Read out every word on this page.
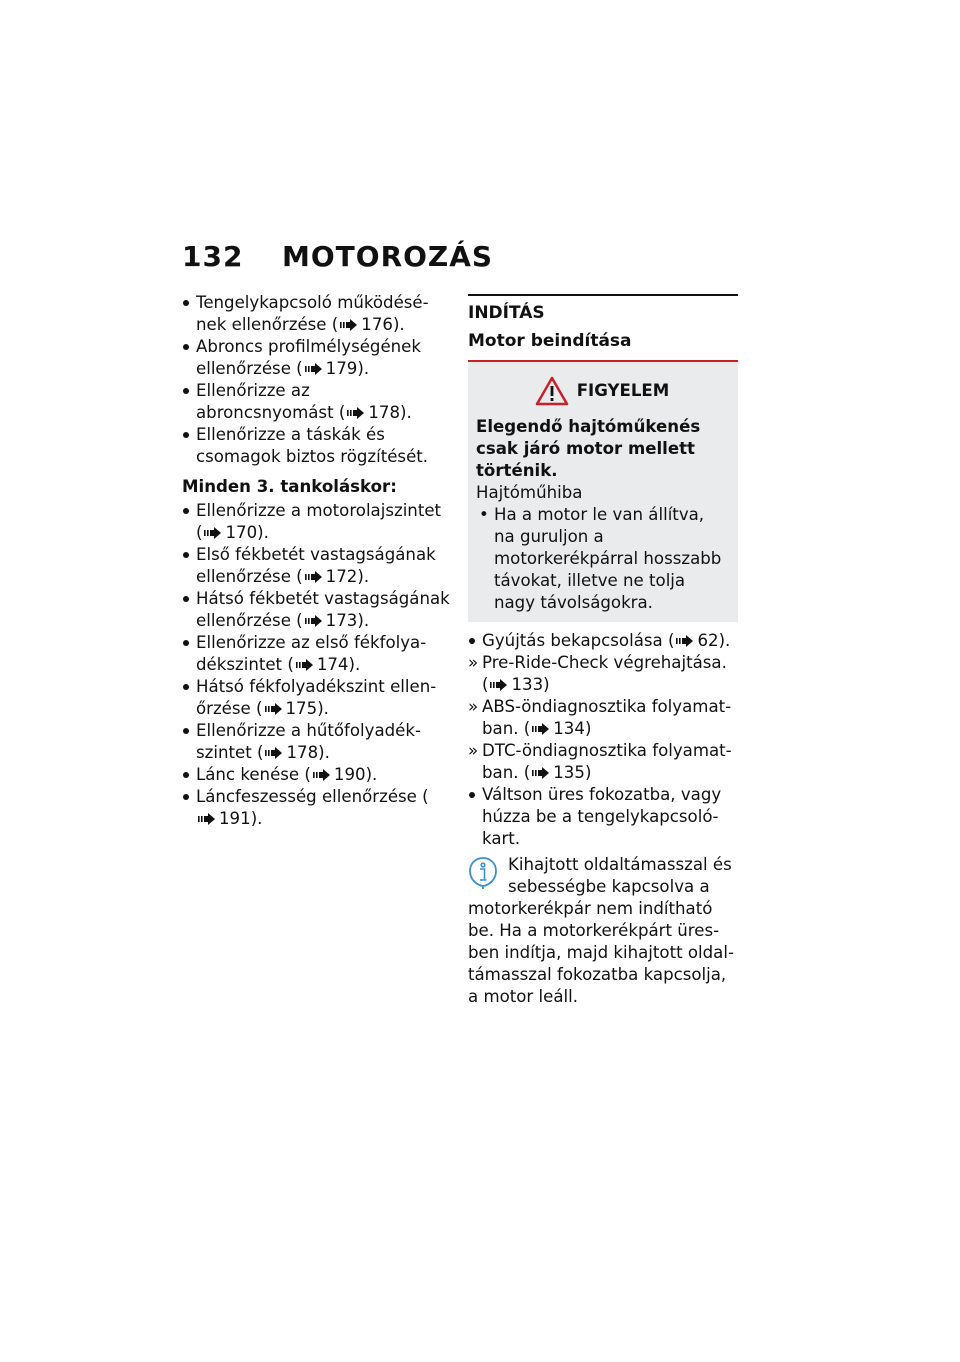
132	MOTOROZÁS

Tengelykapcsoló működésének ellenőrzése ( 176).

Abroncs profilmélységének ellenőrzése ( 179).

Ellenőrizze az abroncsnyomást ( 178).

Ellenőrizze a táskák és csomagok biztos rögzítését.

Minden 3. tankoláskor:

Ellenőrizze a motorolajszintet ( 170).

Első fékbetét vastagságának ellenőrzése ( 172).

Hátsó fékbetét vastagságának ellenőrzése ( 173).

Ellenőrizze az első fékfolyadékszintet ( 174).

Hátsó fékfolyadékszint ellenőrzése ( 175).

Ellenőrizze a hűtőfolyadékszintet ( 178).

Lánc kenése ( 190).

Láncfeszesség ellenőrzése (191).

INDÍTÁS
Motor beindítása
FIGYELEM
Elegendő hajtóműkenés csak járó motor mellett történik.
Hajtóműhiba
• Ha a motor le van állítva, na guruljon a motorkerékpárral hosszabb távokat, illetve ne tolja nagy távolságokra.

Gyújtás bekapcsolása ( 62).

» Pre-Ride-Check végrehajtása. ( 133)

» ABS-öndiagnosztika folyamatban. ( 134)

» DTC-öndiagnosztika folyamatban. ( 135)

Váltson üres fokozatba, vagy húzza be a tengelykapcsolókart.

Kihajtott oldaltámasszal és sebességbe kapcsolva a motorkerékpár nem indítható be. Ha a motorkerékpárt üresben indítja, majd kihajtott oldaltámasszal fokozatba kapcsolja, a motor leáll.
